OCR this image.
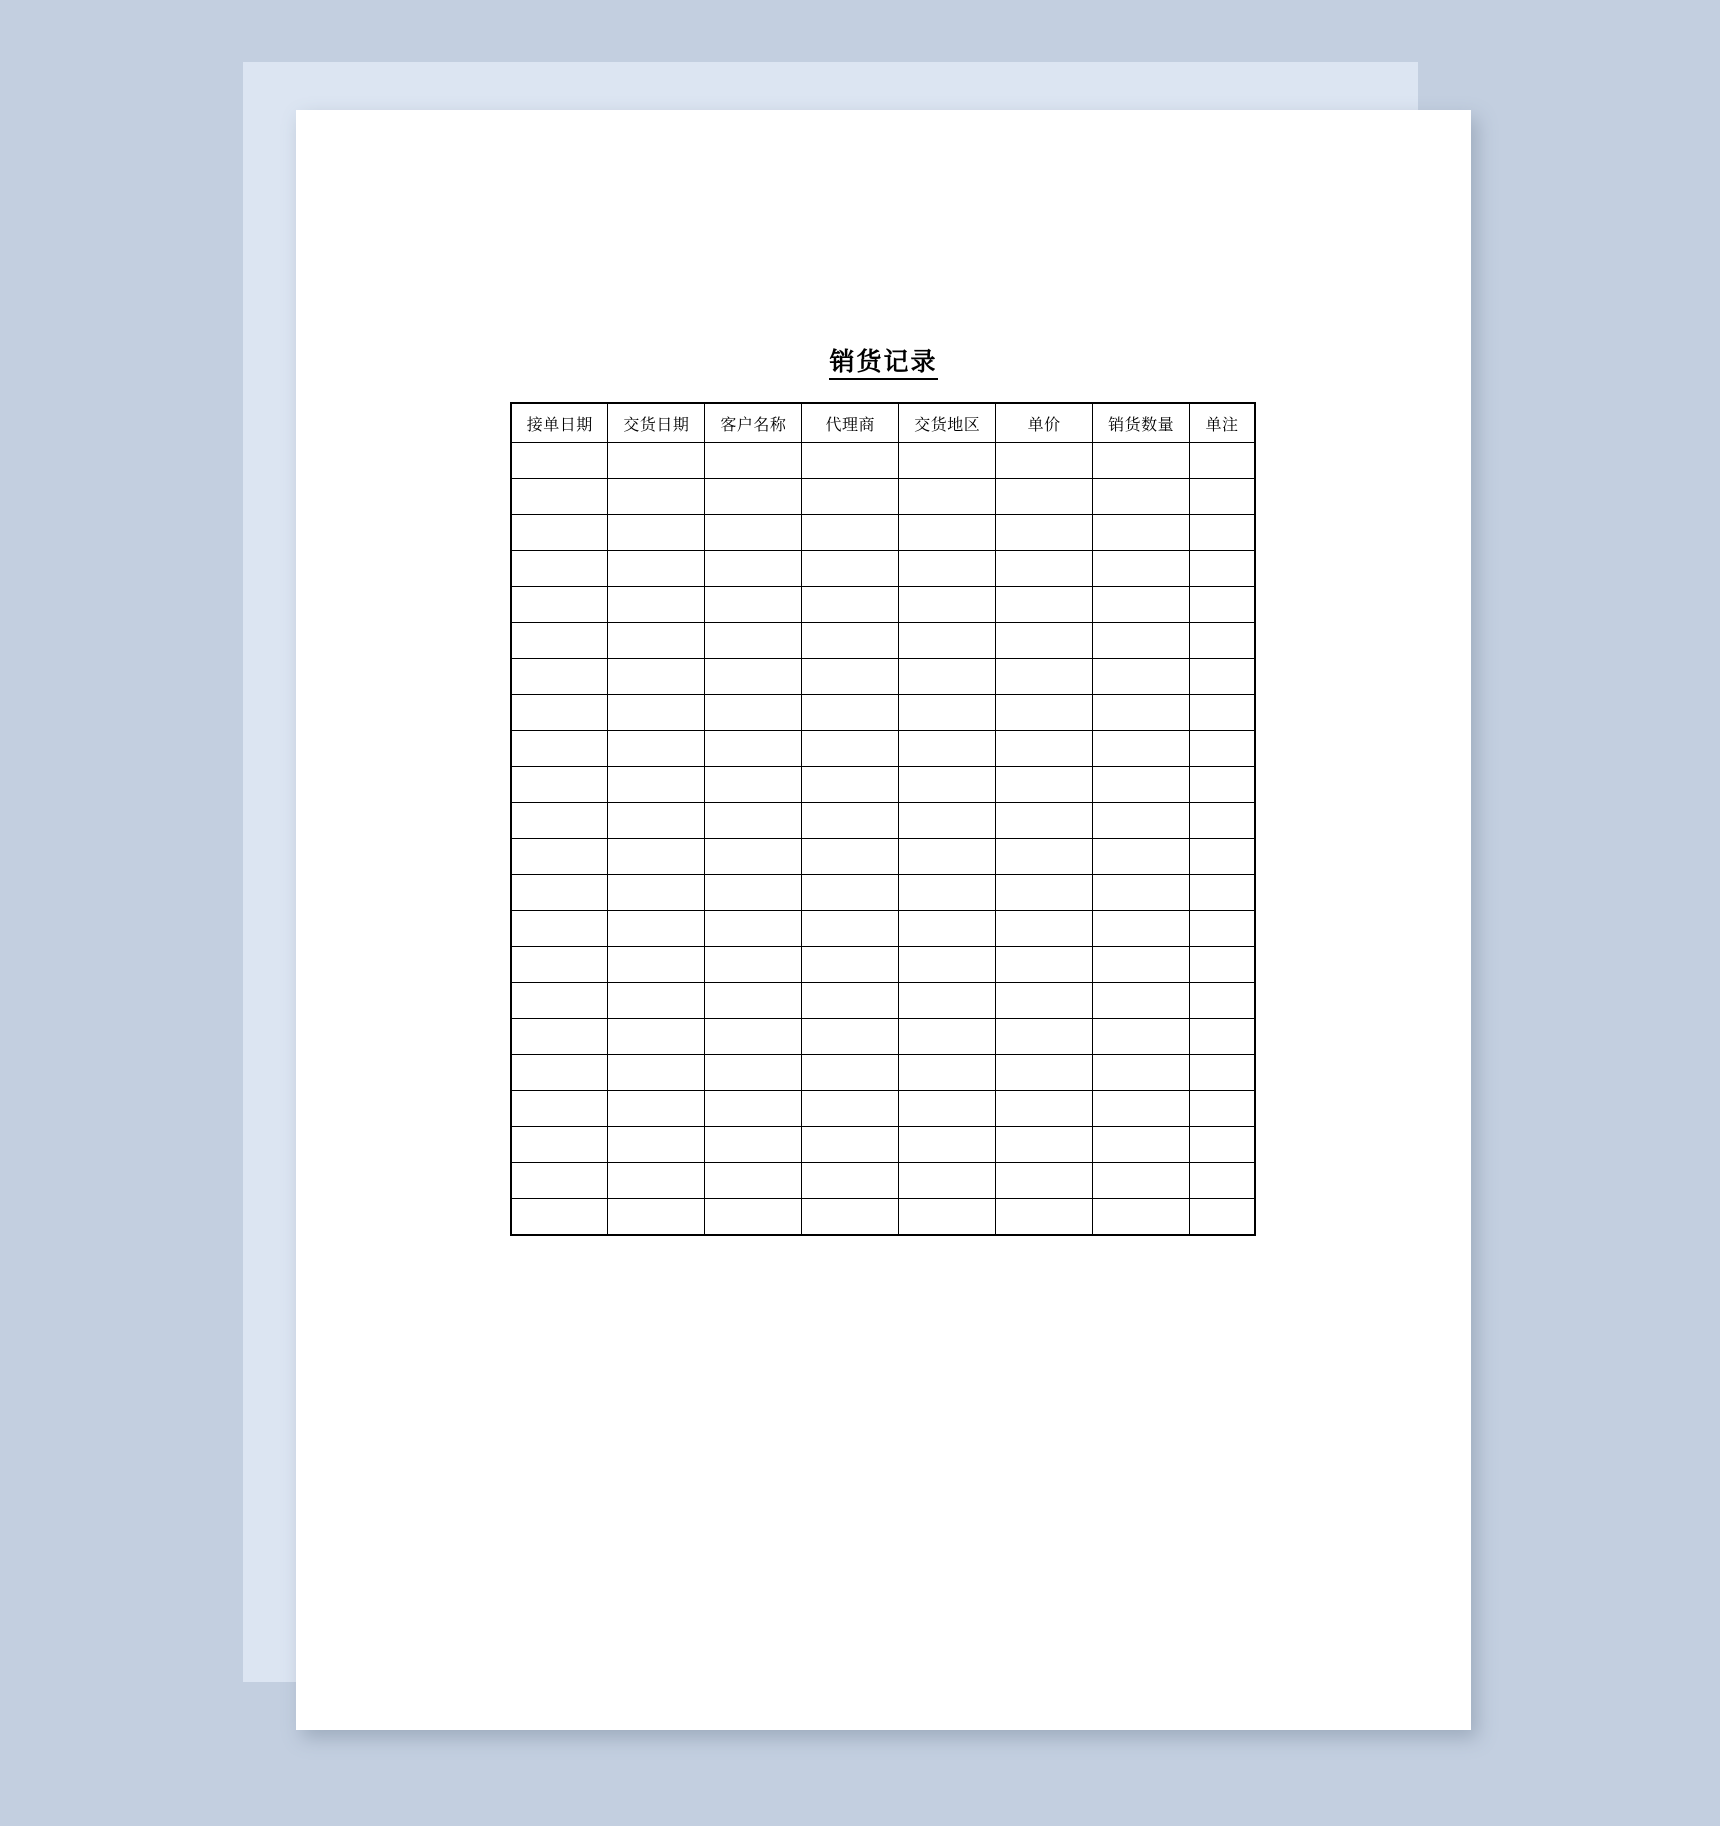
销货记录
接单日期	交货日期	客户名称	代理商	交货地区	单价	销货数量	单注
